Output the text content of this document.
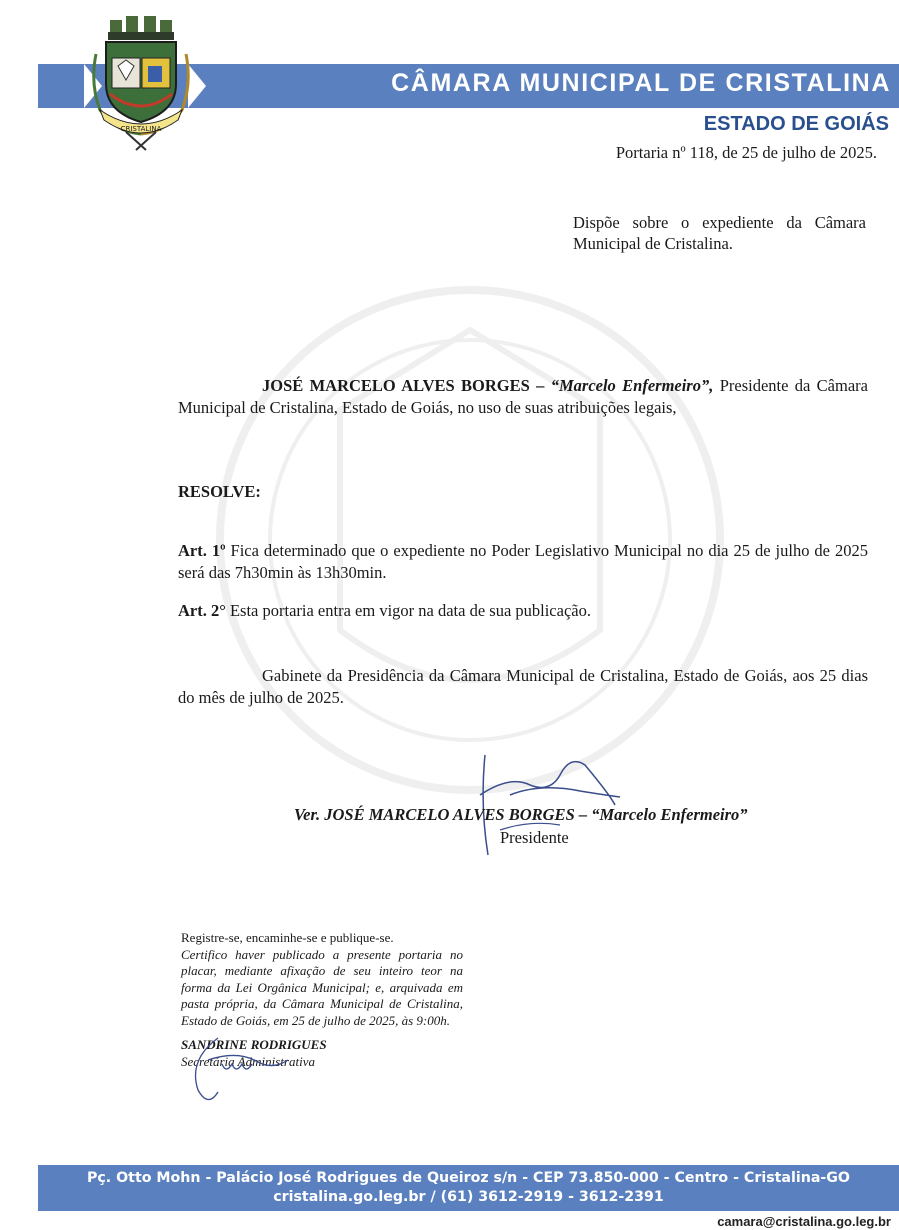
CÂMARA MUNICIPAL DE CRISTALINA
ESTADO DE GOIÁS
CRISTALINA
Portaria nº 118, de 25 de julho de 2025.
Dispõe sobre o expediente da Câmara Municipal de Cristalina.
JOSÉ MARCELO ALVES BORGES – “Marcelo Enfermeiro”, Presidente da Câmara Municipal de Cristalina, Estado de Goiás, no uso de suas atribuições legais,
RESOLVE:
Art. 1º Fica determinado que o expediente no Poder Legislativo Municipal no dia 25 de julho de 2025 será das 7h30min às 13h30min.
Art. 2° Esta portaria entra em vigor na data de sua publicação.
Gabinete da Presidência da Câmara Municipal de Cristalina, Estado de Goiás, aos 25 dias do mês de julho de 2025.
Ver. JOSÉ MARCELO ALVES BORGES – “Marcelo Enfermeiro”
Presidente
Registre-se, encaminhe-se e publique-se.
Certifico haver publicado a presente portaria no placar, mediante afixação de seu inteiro teor na forma da Lei Orgânica Municipal; e, arquivada em pasta própria, da Câmara Municipal de Cristalina, Estado de Goiás, em 25 de julho de 2025, às 9:00h.
SANDRINE RODRIGUES
Secretária Administrativa
Pç. Otto Mohn - Palácio José Rodrigues de Queiroz s/n - CEP 73.850-000 - Centro - Cristalina-GO
cristalina.go.leg.br / (61) 3612-2919 - 3612-2391
camara@cristalina.go.leg.br
